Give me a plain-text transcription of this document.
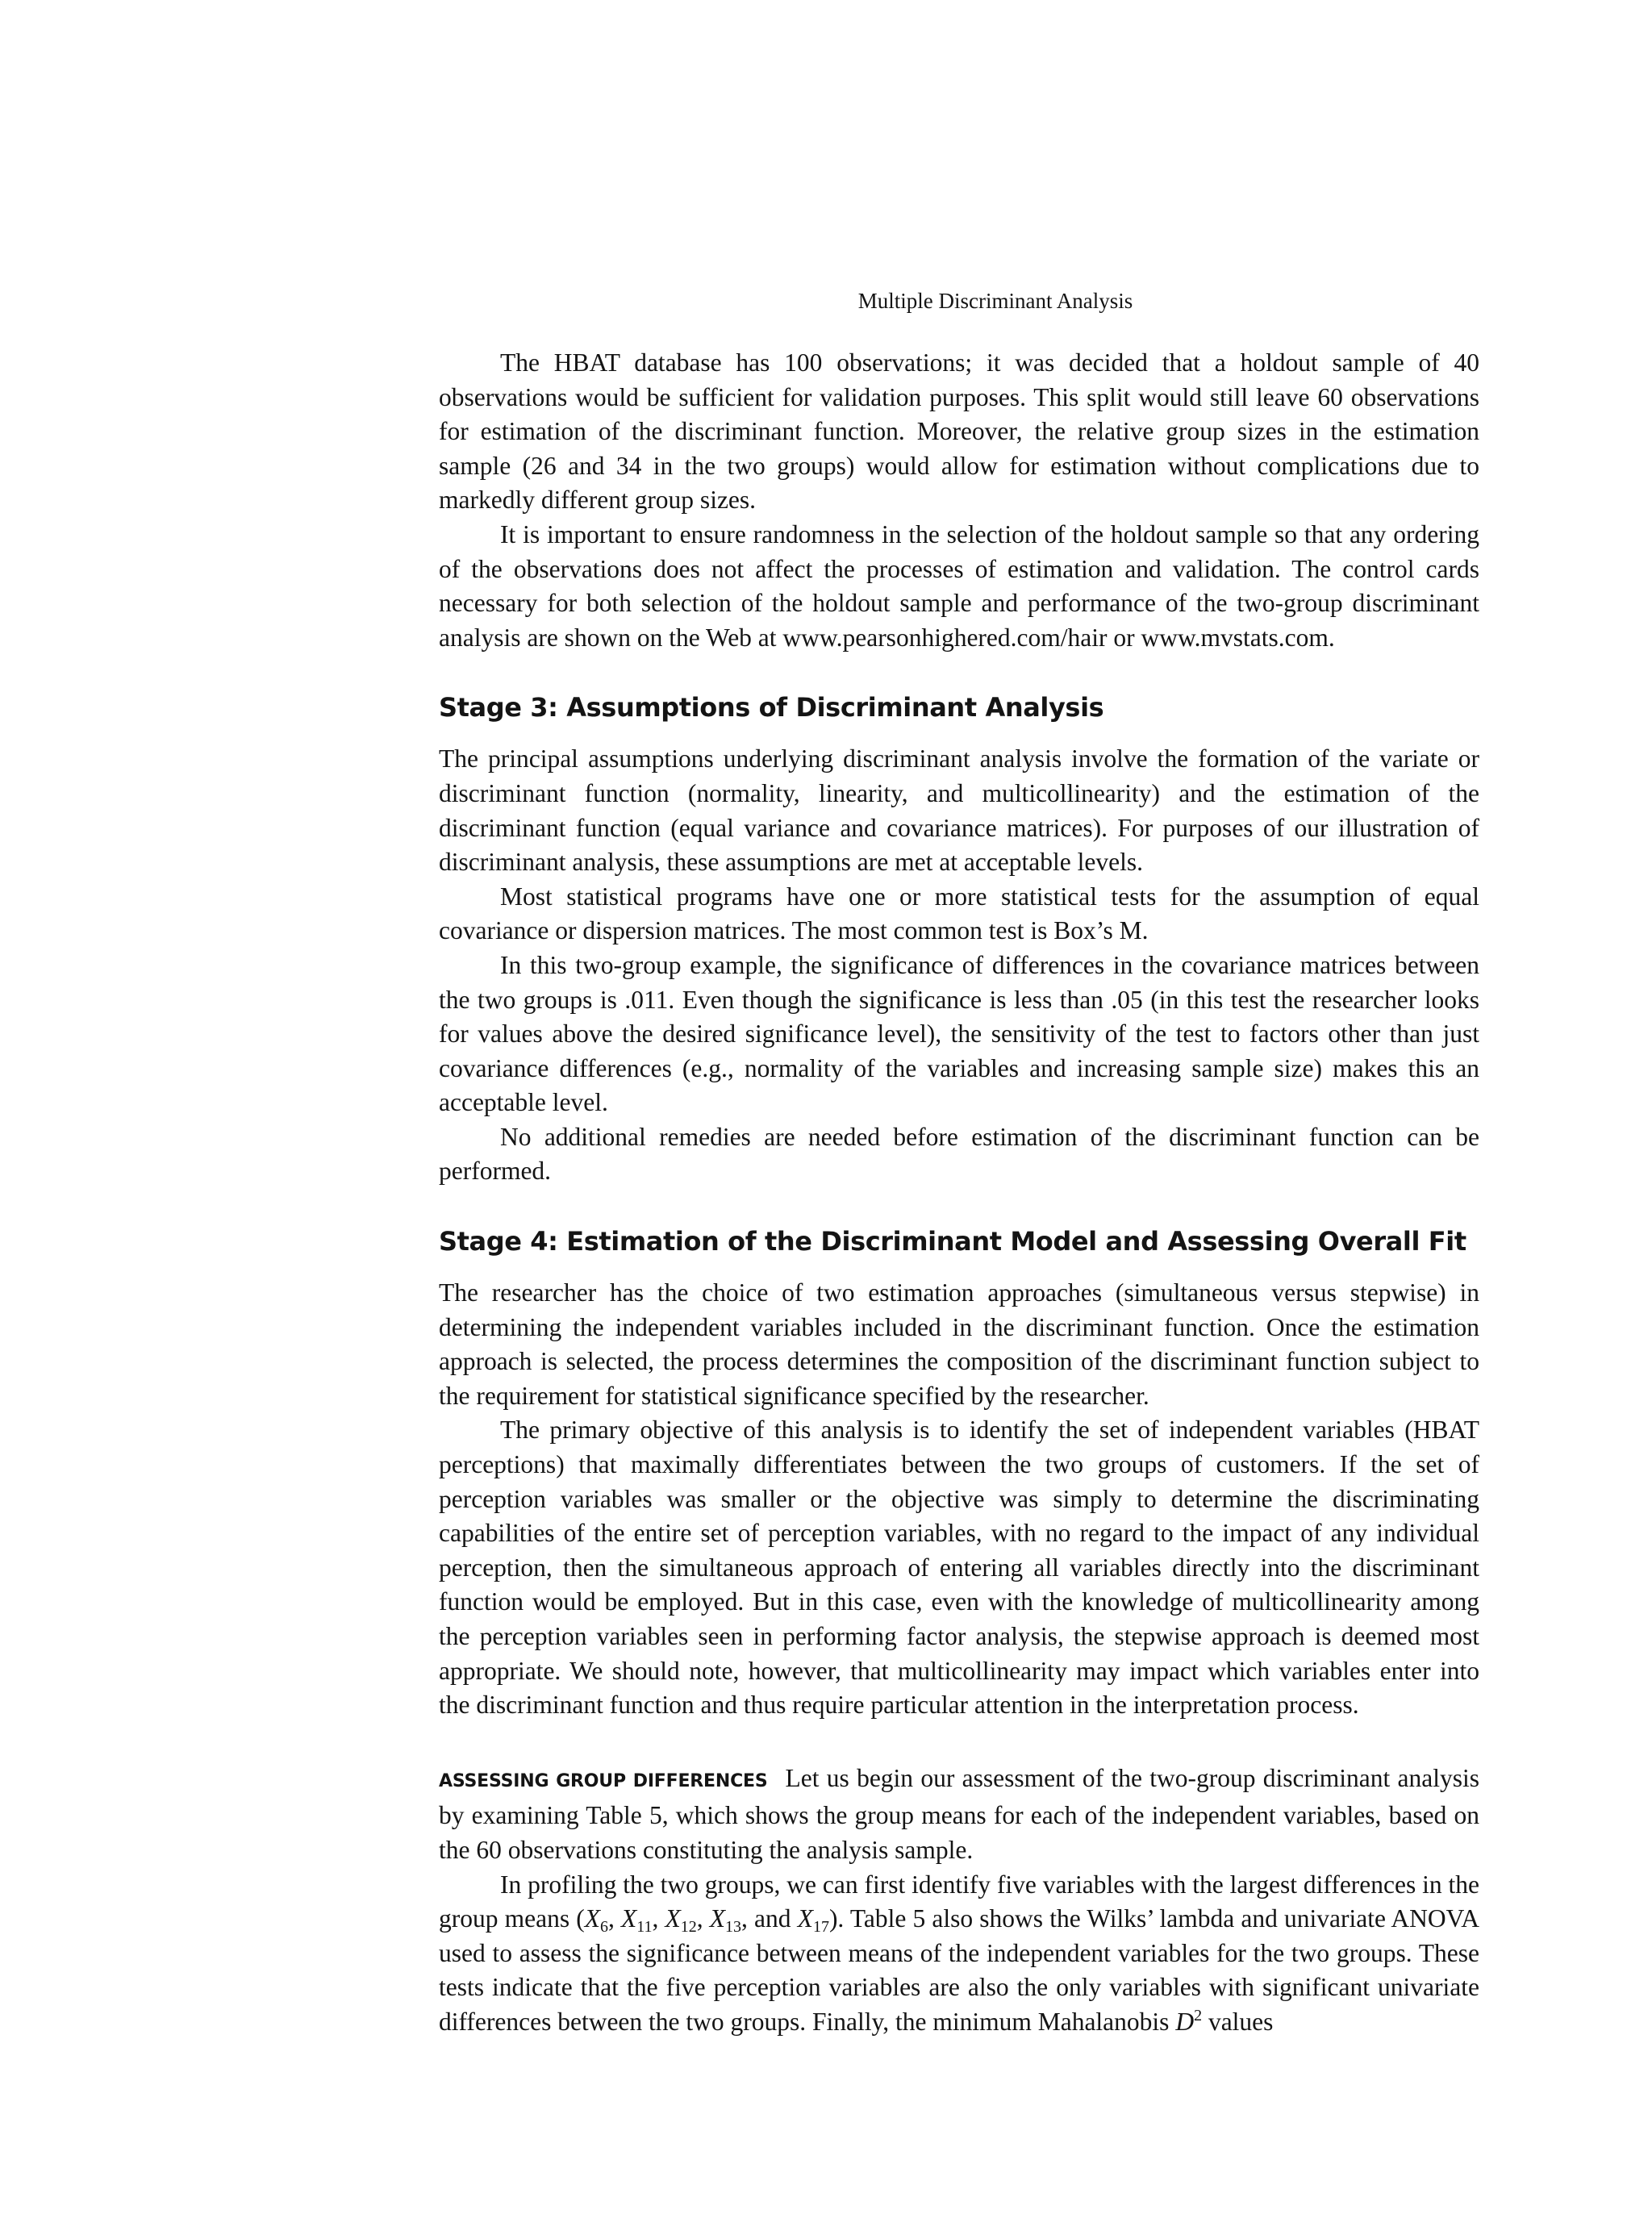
Multiple Discriminant Analysis

The HBAT database has 100 observations; it was decided that a holdout sample of 40 observations would be sufficient for validation purposes. This split would still leave 60 observations for estimation of the discriminant function. Moreover, the relative group sizes in the estimation sample (26 and 34 in the two groups) would allow for estimation without complications due to markedly different group sizes.

It is important to ensure randomness in the selection of the holdout sample so that any ordering of the observations does not affect the processes of estimation and validation. The control cards necessary for both selection of the holdout sample and performance of the two-group discriminant analysis are shown on the Web at www.pearsonhighered.com/hair or www.mvstats.com.

Stage 3: Assumptions of Discriminant Analysis

The principal assumptions underlying discriminant analysis involve the formation of the variate or discriminant function (normality, linearity, and multicollinearity) and the estimation of the discriminant function (equal variance and covariance matrices). For purposes of our illustration of discriminant analysis, these assumptions are met at acceptable levels.

Most statistical programs have one or more statistical tests for the assumption of equal covariance or dispersion matrices. The most common test is Box’s M.

In this two-group example, the significance of differences in the covariance matrices between the two groups is .011. Even though the significance is less than .05 (in this test the researcher looks for values above the desired significance level), the sensitivity of the test to factors other than just covariance differences (e.g., normality of the variables and increasing sample size) makes this an acceptable level.

No additional remedies are needed before estimation of the discriminant function can be performed.

Stage 4: Estimation of the Discriminant Model and Assessing Overall Fit

The researcher has the choice of two estimation approaches (simultaneous versus stepwise) in determining the independent variables included in the discriminant function. Once the estimation approach is selected, the process determines the composition of the discriminant function subject to the requirement for statistical significance specified by the researcher.

The primary objective of this analysis is to identify the set of independent variables (HBAT perceptions) that maximally differentiates between the two groups of customers. If the set of perception variables was smaller or the objective was simply to determine the discriminating capabilities of the entire set of perception variables, with no regard to the impact of any individual perception, then the simultaneous approach of entering all variables directly into the discriminant function would be employed. But in this case, even with the knowledge of multicollinearity among the perception variables seen in performing factor analysis, the stepwise approach is deemed most appropriate. We should note, however, that multicollinearity may impact which variables enter into the discriminant function and thus require particular attention in the interpretation process.

ASSESSING GROUP DIFFERENCES Let us begin our assessment of the two-group discriminant analysis by examining Table 5, which shows the group means for each of the independent variables, based on the 60 observations constituting the analysis sample.

In profiling the two groups, we can first identify five variables with the largest differences in the group means ($X_6$, $X_{11}$, $X_{12}$, $X_{13}$, and $X_{17}$). Table 5 also shows the Wilks’ lambda and univariate ANOVA used to assess the significance between means of the independent variables for the two groups. These tests indicate that the five perception variables are also the only variables with significant univariate differences between the two groups. Finally, the minimum Mahalanobis $D^2$ values
